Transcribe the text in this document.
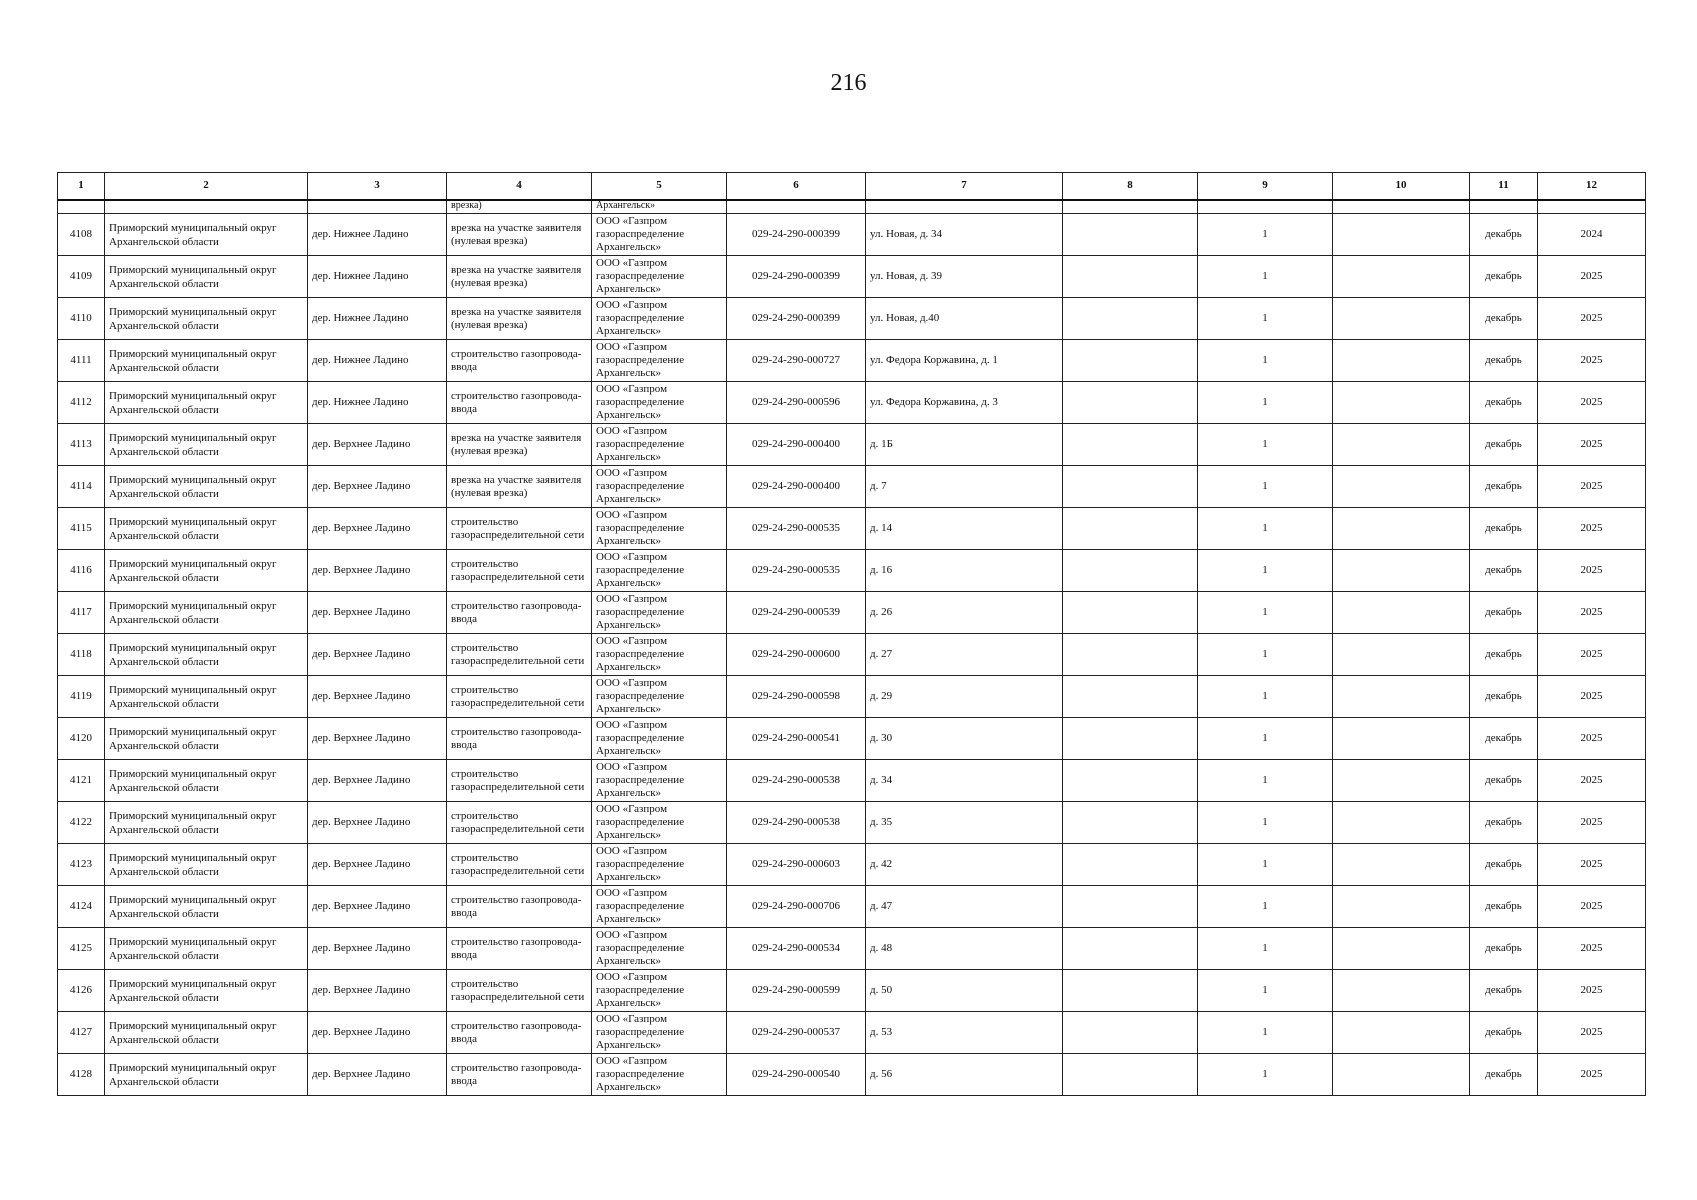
216
1	2	3	4	5	6	7	8	9	10	11	12
			врезка)	Архангельск»							
4108	Приморский муниципальный округ Архангельской области	дер. Нижнее Ладино	врезка на участке заявителя (нулевая врезка)	ООО «Газпром газораспределение Архангельск»	029-24-290-000399	ул. Новая, д. 34		1		декабрь	2024
4109	Приморский муниципальный округ Архангельской области	дер. Нижнее Ладино	врезка на участке заявителя (нулевая врезка)	ООО «Газпром газораспределение Архангельск»	029-24-290-000399	ул. Новая, д. 39		1		декабрь	2025
4110	Приморский муниципальный округ Архангельской области	дер. Нижнее Ладино	врезка на участке заявителя (нулевая врезка)	ООО «Газпром газораспределение Архангельск»	029-24-290-000399	ул. Новая, д.40		1		декабрь	2025
4111	Приморский муниципальный округ Архангельской области	дер. Нижнее Ладино	строительство газопровода-ввода	ООО «Газпром газораспределение Архангельск»	029-24-290-000727	ул. Федора Коржавина, д. 1		1		декабрь	2025
4112	Приморский муниципальный округ Архангельской области	дер. Нижнее Ладино	строительство газопровода-ввода	ООО «Газпром газораспределение Архангельск»	029-24-290-000596	ул. Федора Коржавина, д. 3		1		декабрь	2025
4113	Приморский муниципальный округ Архангельской области	дер. Верхнее Ладино	врезка на участке заявителя (нулевая врезка)	ООО «Газпром газораспределение Архангельск»	029-24-290-000400	д. 1Б		1		декабрь	2025
4114	Приморский муниципальный округ Архангельской области	дер. Верхнее Ладино	врезка на участке заявителя (нулевая врезка)	ООО «Газпром газораспределение Архангельск»	029-24-290-000400	д. 7		1		декабрь	2025
4115	Приморский муниципальный округ Архангельской области	дер. Верхнее Ладино	строительство газораспределительной сети	ООО «Газпром газораспределение Архангельск»	029-24-290-000535	д. 14		1		декабрь	2025
4116	Приморский муниципальный округ Архангельской области	дер. Верхнее Ладино	строительство газораспределительной сети	ООО «Газпром газораспределение Архангельск»	029-24-290-000535	д. 16		1		декабрь	2025
4117	Приморский муниципальный округ Архангельской области	дер. Верхнее Ладино	строительство газопровода-ввода	ООО «Газпром газораспределение Архангельск»	029-24-290-000539	д. 26		1		декабрь	2025
4118	Приморский муниципальный округ Архангельской области	дер. Верхнее Ладино	строительство газораспределительной сети	ООО «Газпром газораспределение Архангельск»	029-24-290-000600	д. 27		1		декабрь	2025
4119	Приморский муниципальный округ Архангельской области	дер. Верхнее Ладино	строительство газораспределительной сети	ООО «Газпром газораспределение Архангельск»	029-24-290-000598	д. 29		1		декабрь	2025
4120	Приморский муниципальный округ Архангельской области	дер. Верхнее Ладино	строительство газопровода-ввода	ООО «Газпром газораспределение Архангельск»	029-24-290-000541	д. 30		1		декабрь	2025
4121	Приморский муниципальный округ Архангельской области	дер. Верхнее Ладино	строительство газораспределительной сети	ООО «Газпром газораспределение Архангельск»	029-24-290-000538	д. 34		1		декабрь	2025
4122	Приморский муниципальный округ Архангельской области	дер. Верхнее Ладино	строительство газораспределительной сети	ООО «Газпром газораспределение Архангельск»	029-24-290-000538	д. 35		1		декабрь	2025
4123	Приморский муниципальный округ Архангельской области	дер. Верхнее Ладино	строительство газораспределительной сети	ООО «Газпром газораспределение Архангельск»	029-24-290-000603	д. 42		1		декабрь	2025
4124	Приморский муниципальный округ Архангельской области	дер. Верхнее Ладино	строительство газопровода-ввода	ООО «Газпром газораспределение Архангельск»	029-24-290-000706	д. 47		1		декабрь	2025
4125	Приморский муниципальный округ Архангельской области	дер. Верхнее Ладино	строительство газопровода-ввода	ООО «Газпром газораспределение Архангельск»	029-24-290-000534	д. 48		1		декабрь	2025
4126	Приморский муниципальный округ Архангельской области	дер. Верхнее Ладино	строительство газораспределительной сети	ООО «Газпром газораспределение Архангельск»	029-24-290-000599	д. 50		1		декабрь	2025
4127	Приморский муниципальный округ Архангельской области	дер. Верхнее Ладино	строительство газопровода-ввода	ООО «Газпром газораспределение Архангельск»	029-24-290-000537	д. 53		1		декабрь	2025
4128	Приморский муниципальный округ Архангельской области	дер. Верхнее Ладино	строительство газопровода-ввода	ООО «Газпром газораспределение Архангельск»	029-24-290-000540	д. 56		1		декабрь	2025
